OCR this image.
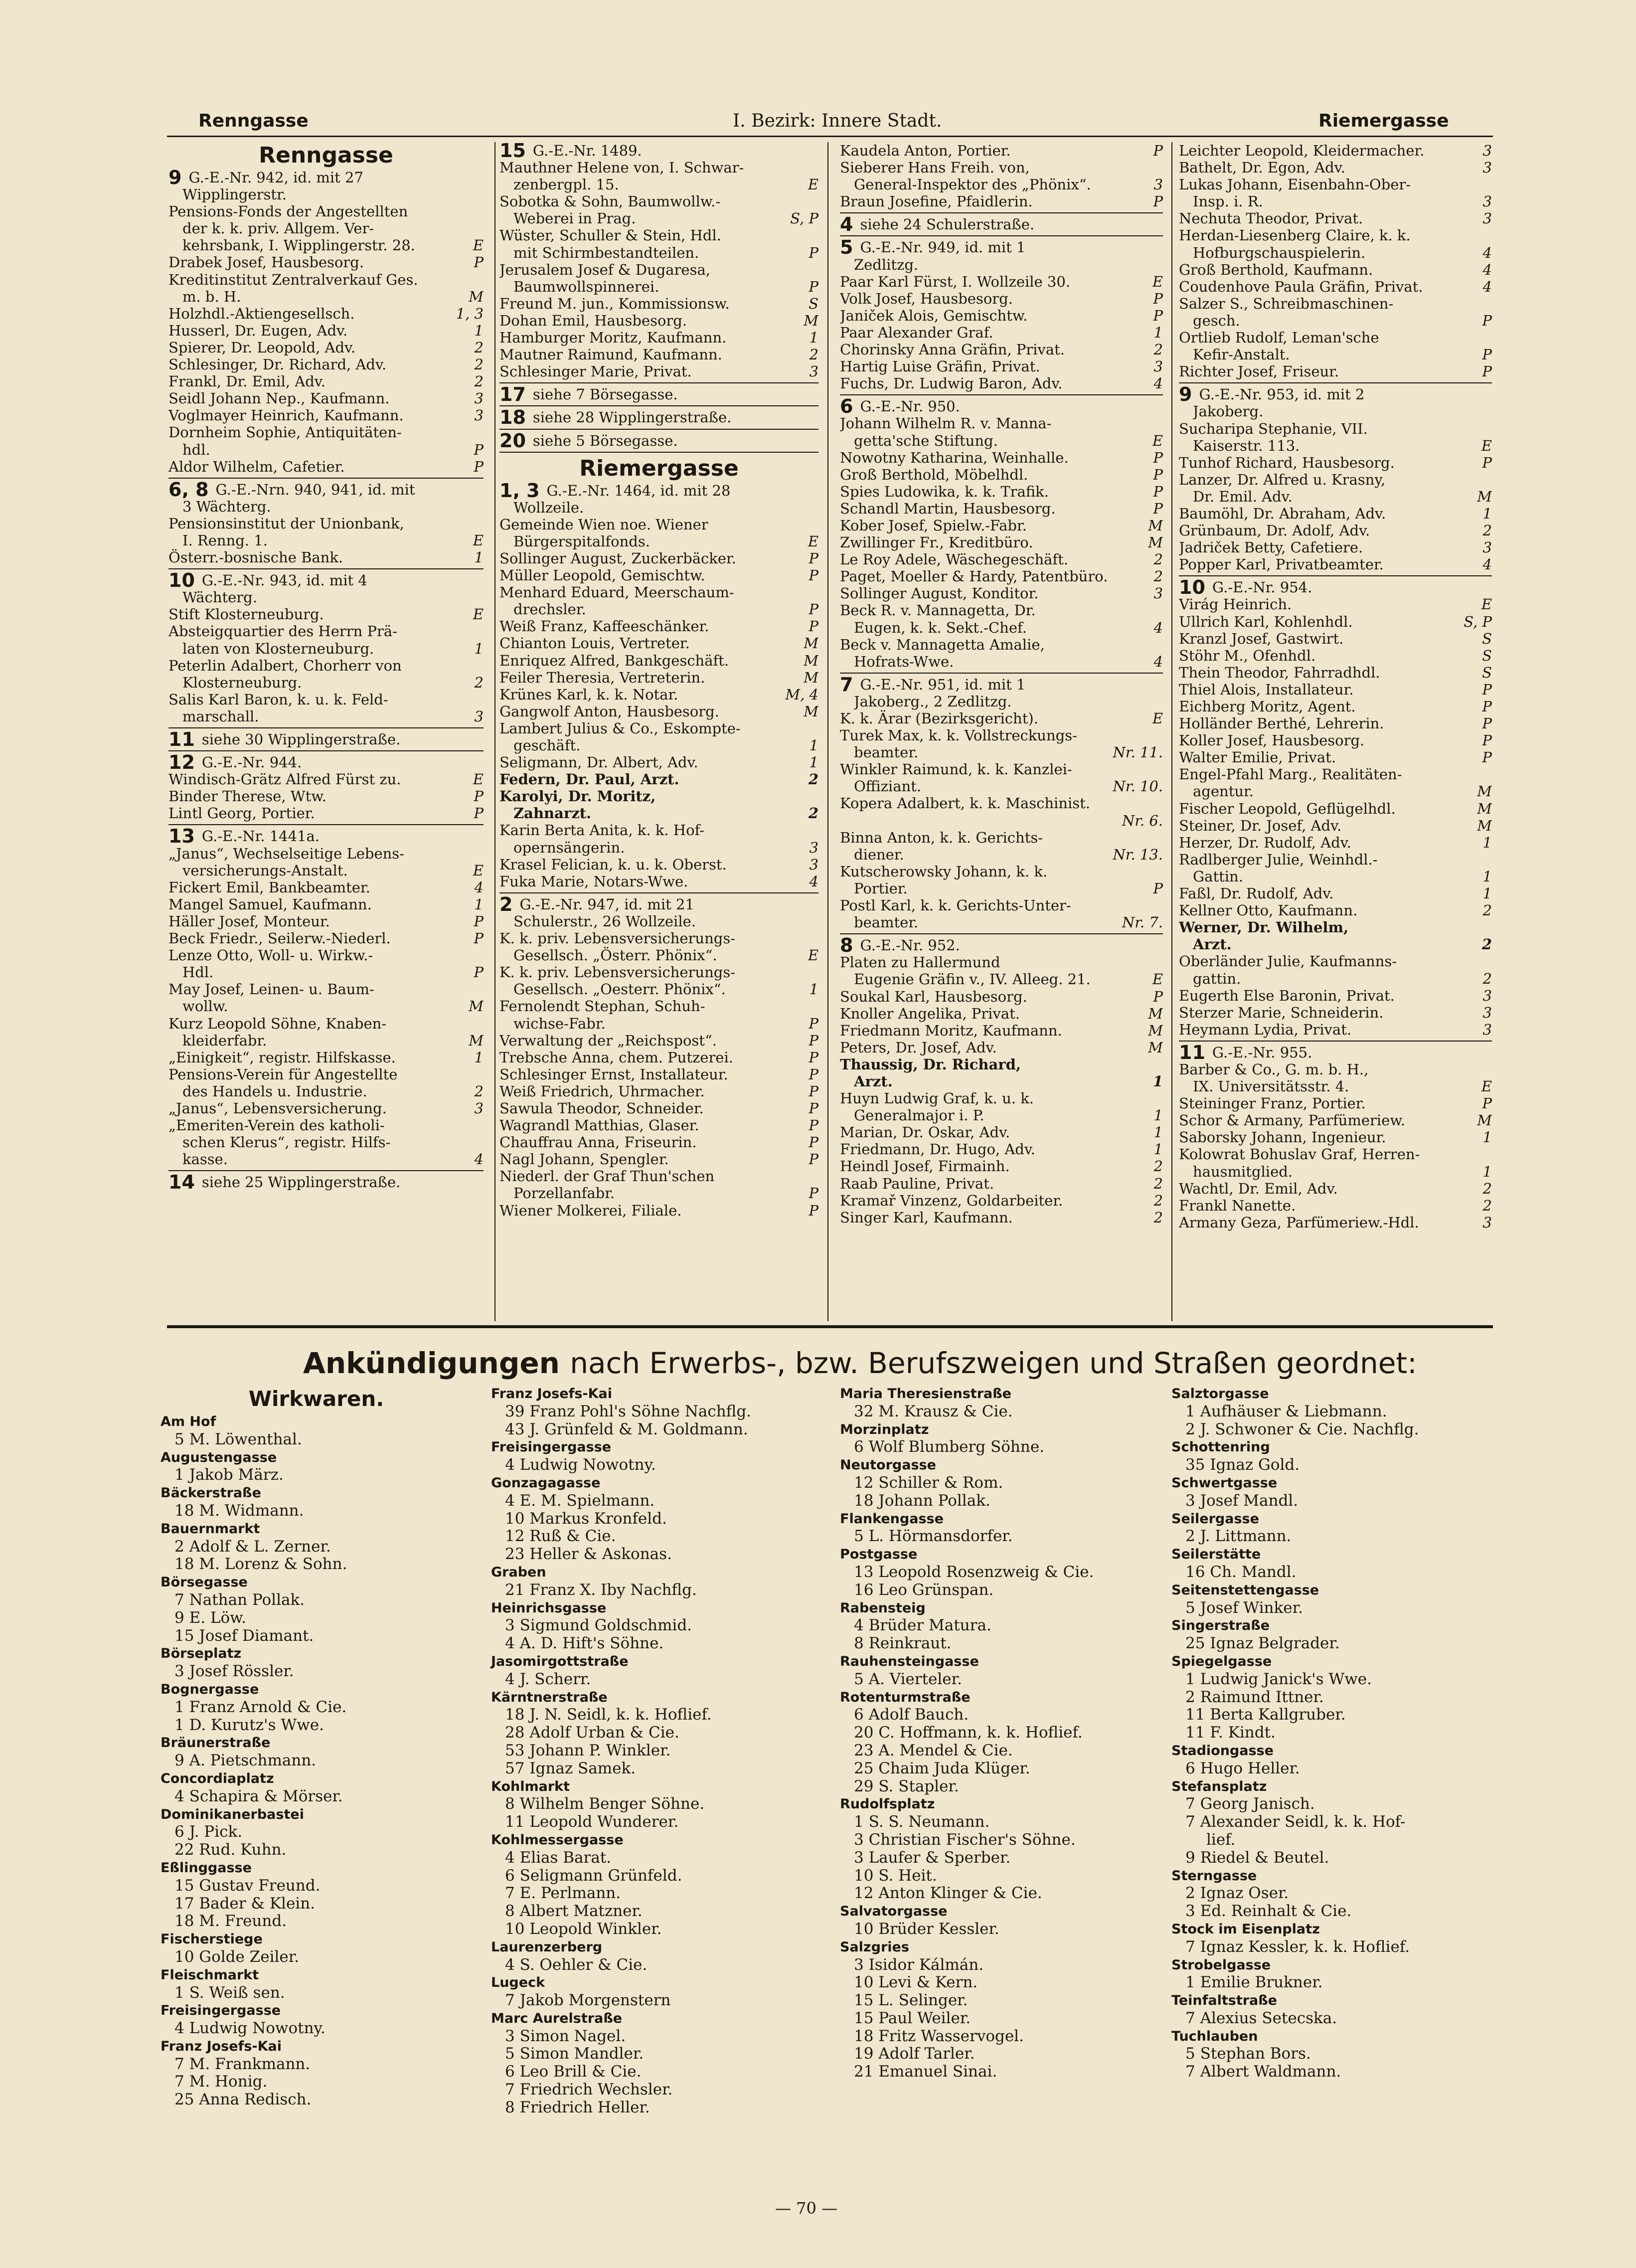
Renngasse	I. Bezirk: Innere Stadt.	Riemergasse
Renngasse
9 G.-E.-Nr. 942, id. mit 27
Wipplingerstr.
Pensions-Fonds der Angestellten
der k. k. priv. Allgem. Ver-
kehrsbank, I. Wipplingerstr. 28.	E
Drabek Josef, Hausbesorg.	P
Kreditinstitut Zentralverkauf Ges.
m. b. H.	M
Holzhdl.-Aktiengesellsch.	1, 3
Husserl, Dr. Eugen, Adv.	1
Spierer, Dr. Leopold, Adv.	2
Schlesinger, Dr. Richard, Adv.	2
Frankl, Dr. Emil, Adv.	2
Seidl Johann Nep., Kaufmann.	3
Voglmayer Heinrich, Kaufmann.	3
Dornheim Sophie, Antiquitäten-
hdl.	P
Aldor Wilhelm, Cafetier.	P
6, 8 G.-E.-Nrn. 940, 941, id. mit
3 Wächterg.
Pensionsinstitut der Unionbank,
I. Renng. 1.	E
Österr.-bosnische Bank.	1
10 G.-E.-Nr. 943, id. mit 4
Wächterg.
Stift Klosterneuburg.	E
Absteigquartier des Herrn Prä-
laten von Klosterneuburg.	1
Peterlin Adalbert, Chorherr von
Klosterneuburg.	2
Salis Karl Baron, k. u. k. Feld-
marschall.	3
11 siehe 30 Wipplingerstraße.
12 G.-E.-Nr. 944.
Windisch-Grätz Alfred Fürst zu.	E
Binder Therese, Wtw.	P
Lintl Georg, Portier.	P
13 G.-E.-Nr. 1441a.
„Janus“, Wechselseitige Lebens-
versicherungs-Anstalt.	E
Fickert Emil, Bankbeamter.	4
Mangel Samuel, Kaufmann.	1
Häller Josef, Monteur.	P
Beck Friedr., Seilerw.-Niederl.	P
Lenze Otto, Woll- u. Wirkw.-
Hdl.	P
May Josef, Leinen- u. Baum-
wollw.	M
Kurz Leopold Söhne, Knaben-
kleiderfabr.	M
„Einigkeit“, registr. Hilfskasse.	1
Pensions-Verein für Angestellte
des Handels u. Industrie.	2
„Janus“, Lebensversicherung.	3
„Emeriten-Verein des katholi-
schen Klerus“, registr. Hilfs-
kasse.	4
14 siehe 25 Wipplingerstraße.
15 G.-E.-Nr. 1489.
Mauthner Helene von, I. Schwar-
zenbergpl. 15.	E
Sobotka & Sohn, Baumwollw.-
Weberei in Prag.	S, P
Wüster, Schuller & Stein, Hdl.
mit Schirmbestandteilen.	P
Jerusalem Josef & Dugaresa,
Baumwollspinnerei.	P
Freund M. jun., Kommissionsw.	S
Dohan Emil, Hausbesorg.	M
Hamburger Moritz, Kaufmann.	1
Mautner Raimund, Kaufmann.	2
Schlesinger Marie, Privat.	3
17 siehe 7 Börsegasse.
18 siehe 28 Wipplingerstraße.
20 siehe 5 Börsegasse.
Riemergasse
1, 3 G.-E.-Nr. 1464, id. mit 28
Wollzeile.
Gemeinde Wien noe. Wiener
Bürgerspitalfonds.	E
Sollinger August, Zuckerbäcker.	P
Müller Leopold, Gemischtw.	P
Menhard Eduard, Meerschaum-
drechsler.	P
Weiß Franz, Kaffeeschänker.	P
Chianton Louis, Vertreter.	M
Enriquez Alfred, Bankgeschäft.	M
Feiler Theresia, Vertreterin.	M
Krünes Karl, k. k. Notar.	M, 4
Gangwolf Anton, Hausbesorg.	M
Lambert Julius & Co., Eskompte-
geschäft.	1
Seligmann, Dr. Albert, Adv.	1
Federn, Dr. Paul, Arzt.	2
Karolyi, Dr. Moritz,
Zahnarzt.	2
Karin Berta Anita, k. k. Hof-
opernsängerin.	3
Krasel Felician, k. u. k. Oberst.	3
Fuka Marie, Notars-Wwe.	4
2 G.-E.-Nr. 947, id. mit 21
Schulerstr., 26 Wollzeile.
K. k. priv. Lebensversicherungs-
Gesellsch. „Österr. Phönix“.	E
K. k. priv. Lebensversicherungs-
Gesellsch. „Oesterr. Phönix“.	1
Fernolendt Stephan, Schuh-
wichse-Fabr.	P
Verwaltung der „Reichspost“.	P
Trebsche Anna, chem. Putzerei.	P
Schlesinger Ernst, Installateur.	P
Weiß Friedrich, Uhrmacher.	P
Sawula Theodor, Schneider.	P
Wagrandl Matthias, Glaser.	P
Chauffrau Anna, Friseurin.	P
Nagl Johann, Spengler.	P
Niederl. der Graf Thun'schen
Porzellanfabr.	P
Wiener Molkerei, Filiale.	P
Kaudela Anton, Portier.	P
Sieberer Hans Freih. von,
General-Inspektor des „Phönix“.	3
Braun Josefine, Pfaidlerin.	P
4 siehe 24 Schulerstraße.
5 G.-E.-Nr. 949, id. mit 1
Zedlitzg.
Paar Karl Fürst, I. Wollzeile 30.	E
Volk Josef, Hausbesorg.	P
Janiček Alois, Gemischtw.	P
Paar Alexander Graf.	1
Chorinsky Anna Gräfin, Privat.	2
Hartig Luise Gräfin, Privat.	3
Fuchs, Dr. Ludwig Baron, Adv.	4
6 G.-E.-Nr. 950.
Johann Wilhelm R. v. Manna-
getta'sche Stiftung.	E
Nowotny Katharina, Weinhalle.	P
Groß Berthold, Möbelhdl.	P
Spies Ludowika, k. k. Trafik.	P
Schandl Martin, Hausbesorg.	P
Kober Josef, Spielw.-Fabr.	M
Zwillinger Fr., Kreditbüro.	M
Le Roy Adele, Wäschegeschäft.	2
Paget, Moeller & Hardy, Patentbüro.	2
Sollinger August, Konditor.	3
Beck R. v. Mannagetta, Dr.
Eugen, k. k. Sekt.-Chef.	4
Beck v. Mannagetta Amalie,
Hofrats-Wwe.	4
7 G.-E.-Nr. 951, id. mit 1
Jakoberg., 2 Zedlitzg.
K. k. Ärar (Bezirksgericht).	E
Turek Max, k. k. Vollstreckungs-
beamter.	Nr. 11.
Winkler Raimund, k. k. Kanzlei-
Offiziant.	Nr. 10.
Kopera Adalbert, k. k. Maschinist.
Nr. 6.
Binna Anton, k. k. Gerichts-
diener.	Nr. 13.
Kutscherowsky Johann, k. k.
Portier.	P
Postl Karl, k. k. Gerichts-Unter-
beamter.	Nr. 7.
8 G.-E.-Nr. 952.
Platen zu Hallermund
Eugenie Gräfin v., IV. Alleeg. 21.	E
Soukal Karl, Hausbesorg.	P
Knoller Angelika, Privat.	M
Friedmann Moritz, Kaufmann.	M
Peters, Dr. Josef, Adv.	M
Thaussig, Dr. Richard,
Arzt.	1
Huyn Ludwig Graf, k. u. k.
Generalmajor i. P.	1
Marian, Dr. Oskar, Adv.	1
Friedmann, Dr. Hugo, Adv.	1
Heindl Josef, Firmainh.	2
Raab Pauline, Privat.	2
Kramař Vinzenz, Goldarbeiter.	2
Singer Karl, Kaufmann.	2
Leichter Leopold, Kleidermacher.	3
Bathelt, Dr. Egon, Adv.	3
Lukas Johann, Eisenbahn-Ober-
Insp. i. R.	3
Nechuta Theodor, Privat.	3
Herdan-Liesenberg Claire, k. k.
Hofburgschauspielerin.	4
Groß Berthold, Kaufmann.	4
Coudenhove Paula Gräfin, Privat.	4
Salzer S., Schreibmaschinen-
gesch.	P
Ortlieb Rudolf, Leman'sche
Kefir-Anstalt.	P
Richter Josef, Friseur.	P
9 G.-E.-Nr. 953, id. mit 2
Jakoberg.
Sucharipa Stephanie, VII.
Kaiserstr. 113.	E
Tunhof Richard, Hausbesorg.	P
Lanzer, Dr. Alfred u. Krasny,
Dr. Emil. Adv.	M
Baumöhl, Dr. Abraham, Adv.	1
Grünbaum, Dr. Adolf, Adv.	2
Jadriček Betty, Cafetiere.	3
Popper Karl, Privatbeamter.	4
10 G.-E.-Nr. 954.
Virág Heinrich.	E
Ullrich Karl, Kohlenhdl.	S, P
Kranzl Josef, Gastwirt.	S
Stöhr M., Ofenhdl.	S
Thein Theodor, Fahrradhdl.	S
Thiel Alois, Installateur.	P
Eichberg Moritz, Agent.	P
Holländer Berthé, Lehrerin.	P
Koller Josef, Hausbesorg.	P
Walter Emilie, Privat.	P
Engel-Pfahl Marg., Realitäten-
agentur.	M
Fischer Leopold, Geflügelhdl.	M
Steiner, Dr. Josef, Adv.	M
Herzer, Dr. Rudolf, Adv.	1
Radlberger Julie, Weinhdl.-
Gattin.	1
Faßl, Dr. Rudolf, Adv.	1
Kellner Otto, Kaufmann.	2
Werner, Dr. Wilhelm,
Arzt.	2
Oberländer Julie, Kaufmanns-
gattin.	2
Eugerth Else Baronin, Privat.	3
Sterzer Marie, Schneiderin.	3
Heymann Lydia, Privat.	3
11 G.-E.-Nr. 955.
Barber & Co., G. m. b. H.,
IX. Universitätsstr. 4.	E
Steininger Franz, Portier.	P
Schor & Armany, Parfümeriew.	M
Saborsky Johann, Ingenieur.	1
Kolowrat Bohuslav Graf, Herren-
hausmitglied.	1
Wachtl, Dr. Emil, Adv.	2
Frankl Nanette.	2
Armany Geza, Parfümeriew.-Hdl.	3
Ankündigungen nach Erwerbs-, bzw. Berufszweigen und Straßen geordnet:
Wirkwaren.
Am Hof
5 M. Löwenthal.
Augustengasse
1 Jakob März.
Bäckerstraße
18 M. Widmann.
Bauernmarkt
2 Adolf & L. Zerner.
18 M. Lorenz & Sohn.
Börsegasse
7 Nathan Pollak.
9 E. Löw.
15 Josef Diamant.
Börseplatz
3 Josef Rössler.
Bognergasse
1 Franz Arnold & Cie.
1 D. Kurutz's Wwe.
Bräunerstraße
9 A. Pietschmann.
Concordiaplatz
4 Schapira & Mörser.
Dominikanerbastei
6 J. Pick.
22 Rud. Kuhn.
Eßlinggasse
15 Gustav Freund.
17 Bader & Klein.
18 M. Freund.
Fischerstiege
10 Golde Zeiler.
Fleischmarkt
1 S. Weiß sen.
Freisingergasse
4 Ludwig Nowotny.
Franz Josefs-Kai
7 M. Frankmann.
7 M. Honig.
25 Anna Redisch.
Franz Josefs-Kai
39 Franz Pohl's Söhne Nachflg.
43 J. Grünfeld & M. Goldmann.
Freisingergasse
4 Ludwig Nowotny.
Gonzagagasse
4 E. M. Spielmann.
10 Markus Kronfeld.
12 Ruß & Cie.
23 Heller & Askonas.
Graben
21 Franz X. Iby Nachflg.
Heinrichsgasse
3 Sigmund Goldschmid.
4 A. D. Hift's Söhne.
Jasomirgottstraße
4 J. Scherr.
Kärntnerstraße
18 J. N. Seidl, k. k. Hoflief.
28 Adolf Urban & Cie.
53 Johann P. Winkler.
57 Ignaz Samek.
Kohlmarkt
8 Wilhelm Benger Söhne.
11 Leopold Wunderer.
Kohlmessergasse
4 Elias Barat.
6 Seligmann Grünfeld.
7 E. Perlmann.
8 Albert Matzner.
10 Leopold Winkler.
Laurenzerberg
4 S. Oehler & Cie.
Lugeck
7 Jakob Morgenstern
Marc Aurelstraße
3 Simon Nagel.
5 Simon Mandler.
6 Leo Brill & Cie.
7 Friedrich Wechsler.
8 Friedrich Heller.
Maria Theresienstraße
32 M. Krausz & Cie.
Morzinplatz
6 Wolf Blumberg Söhne.
Neutorgasse
12 Schiller & Rom.
18 Johann Pollak.
Flankengasse
5 L. Hörmansdorfer.
Postgasse
13 Leopold Rosenzweig & Cie.
16 Leo Grünspan.
Rabensteig
4 Brüder Matura.
8 Reinkraut.
Rauhensteingasse
5 A. Vierteler.
Rotenturmstraße
6 Adolf Bauch.
20 C. Hoffmann, k. k. Hoflief.
23 A. Mendel & Cie.
25 Chaim Juda Klüger.
29 S. Stapler.
Rudolfsplatz
1 S. S. Neumann.
3 Christian Fischer's Söhne.
3 Laufer & Sperber.
10 S. Heit.
12 Anton Klinger & Cie.
Salvatorgasse
10 Brüder Kessler.
Salzgries
3 Isidor Kálmán.
10 Levi & Kern.
15 L. Selinger.
15 Paul Weiler.
18 Fritz Wasservogel.
19 Adolf Tarler.
21 Emanuel Sinai.
Salztorgasse
1 Aufhäuser & Liebmann.
2 J. Schwoner & Cie. Nachflg.
Schottenring
35 Ignaz Gold.
Schwertgasse
3 Josef Mandl.
Seilergasse
2 J. Littmann.
Seilerstätte
16 Ch. Mandl.
Seitenstettengasse
5 Josef Winker.
Singerstraße
25 Ignaz Belgrader.
Spiegelgasse
1 Ludwig Janick's Wwe.
2 Raimund Ittner.
11 Berta Kallgruber.
11 F. Kindt.
Stadiongasse
6 Hugo Heller.
Stefansplatz
7 Georg Janisch.
7 Alexander Seidl, k. k. Hof-
lief.
9 Riedel & Beutel.
Sterngasse
2 Ignaz Oser.
3 Ed. Reinhalt & Cie.
Stock im Eisenplatz
7 Ignaz Kessler, k. k. Hoflief.
Strobelgasse
1 Emilie Brukner.
Teinfaltstraße
7 Alexius Setecska.
Tuchlauben
5 Stephan Bors.
7 Albert Waldmann.
— 70 —
